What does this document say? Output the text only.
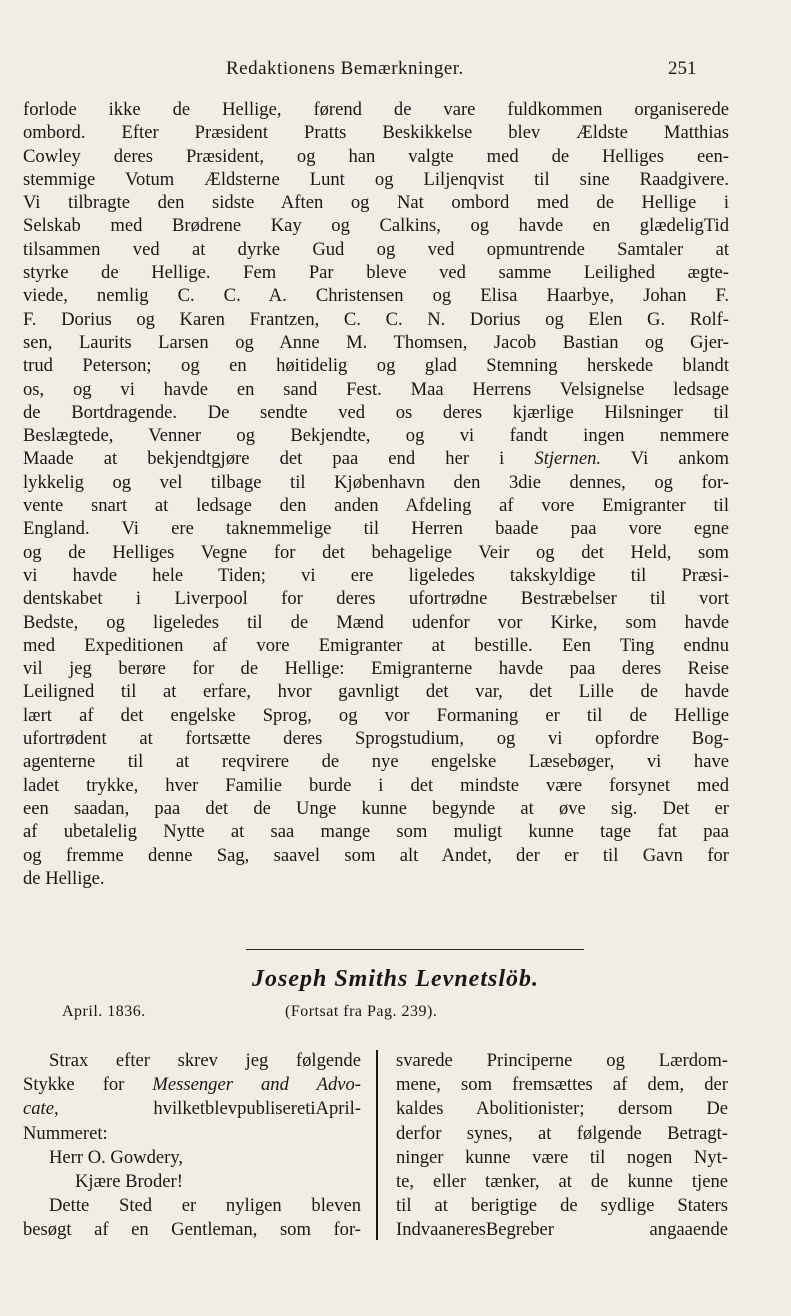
Redaktionens Bemærkninger.	251
forlode ikke de Hellige, førend de vare fuldkommen organiserede
ombord. Efter Præsident Pratts Beskikkelse blev Ældste Matthias
Cowley deres Præsident, og han valgte med de Helliges een-
stemmige Votum Ældsterne Lunt og Liljenqvist til sine Raadgivere.
Vi tilbragte den sidste Aften og Nat ombord med de Hellige i
Selskab med Brødrene Kay og Calkins, og havde en glædeligTid
tilsammen ved at dyrke Gud og ved opmuntrende Samtaler at
styrke de Hellige. Fem Par bleve ved samme Leilighed ægte-
viede, nemlig C. C. A. Christensen og Elisa Haarbye, Johan F.
F. Dorius og Karen Frantzen, C. C. N. Dorius og Elen G. Rolf-
sen, Laurits Larsen og Anne M. Thomsen, Jacob Bastian og Gjer-
trud Peterson; og en høitidelig og glad Stemning herskede blandt
os, og vi havde en sand Fest. Maa Herrens Velsignelse ledsage
de Bortdragende. De sendte ved os deres kjærlige Hilsninger til
Beslægtede, Venner og Bekjendte, og vi fandt ingen nemmere
Maade at bekjendtgjøre det paa end her i Stjernen. Vi ankom
lykkelig og vel tilbage til Kjøbenhavn den 3die dennes, og for-
vente snart at ledsage den anden Afdeling af vore Emigranter til
England. Vi ere taknemmelige til Herren baade paa vore egne
og de Helliges Vegne for det behagelige Veir og det Held, som
vi havde hele Tiden; vi ere ligeledes takskyldige til Præsi-
dentskabet i Liverpool for deres ufortrødne Bestræbelser til vort
Bedste, og ligeledes til de Mænd udenfor vor Kirke, som havde
med Expeditionen af vore Emigranter at bestille. Een Ting endnu
vil jeg berøre for de Hellige: Emigranterne havde paa deres Reise
Leiligned til at erfare, hvor gavnligt det var, det Lille de havde
lært af det engelske Sprog, og vor Formaning er til de Hellige
ufortrødent at fortsætte deres Sprogstudium, og vi opfordre Bog-
agenterne til at reqvirere de nye engelske Læsebøger, vi have
ladet trykke, hver Familie burde i det mindste være forsynet med
een saadan, paa det de Unge kunne begynde at øve sig. Det er
af ubetalelig Nytte at saa mange som muligt kunne tage fat paa
og fremme denne Sag, saavel som alt Andet, der er til Gavn for
de Hellige.
Joseph Smiths Levnetslöb.
April. 1836.	(Fortsat fra Pag. 239).
Strax efter skrev jeg følgende
Stykke for Messenger and Advo-
cate, hvilketblevpubliseretiApril-
Nummeret:
Herr O. Gowdery,
Kjære Broder!
Dette Sted er nyligen bleven
besøgt af en Gentleman, som for-
svarede Principerne og Lærdom-
mene, som fremsættes af dem, der
kaldes Abolitionister; dersom De
derfor synes, at følgende Betragt-
ninger kunne være til nogen Nyt-
te, eller tænker, at de kunne tjene
til at berigtige de sydlige Staters
IndvaaneresBegreber angaaende
